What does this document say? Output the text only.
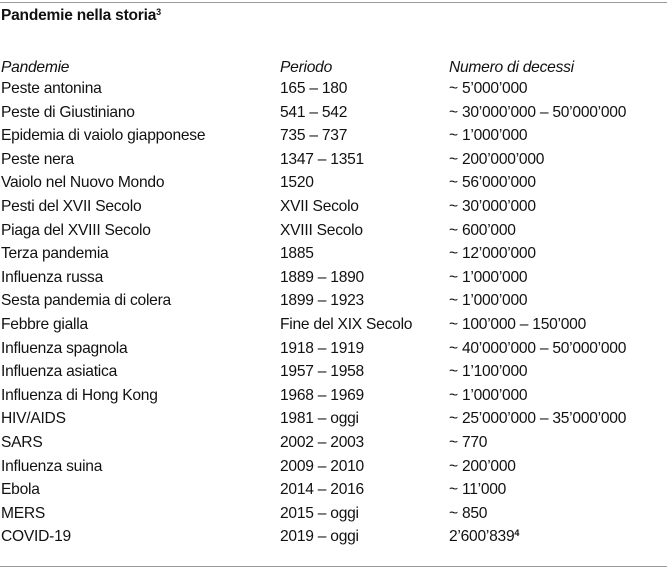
Pandemie nella storia$^3$
Pandemie	Periodo	Numero di decessi
Peste antonina	165 – 180	~ 5’000’000
Peste di Giustiniano	541 – 542	~ 30’000’000 – 50’000’000
Epidemia di vaiolo giapponese	735 – 737	~ 1’000’000
Peste nera	1347 – 1351	~ 200’000’000
Vaiolo nel Nuovo Mondo	1520	~ 56’000’000
Pesti del XVII Secolo	XVII Secolo	~ 30’000’000
Piaga del XVIII Secolo	XVIII Secolo	~ 600’000
Terza pandemia	1885	~ 12’000’000
Influenza russa	1889 – 1890	~ 1’000’000
Sesta pandemia di colera	1899 – 1923	~ 1’000’000
Febbre gialla	Fine del XIX Secolo ~ 100’000 – 150’000
Influenza spagnola	1918 – 1919	~ 40’000’000 – 50’000’000
Influenza asiatica	1957 – 1958	~ 1’100’000
Influenza di Hong Kong	1968 – 1969	~ 1’000’000
HIV/AIDS	1981 – oggi	~ 25’000’000 – 35’000’000
SARS	2002 – 2003	~ 770
Influenza suina	2009 – 2010	~ 200’000
Ebola	2014 – 2016	~ 11’000
MERS	2015 – oggi	~ 850
COVID-19	2019 – oggi	2’600’839$^4$
